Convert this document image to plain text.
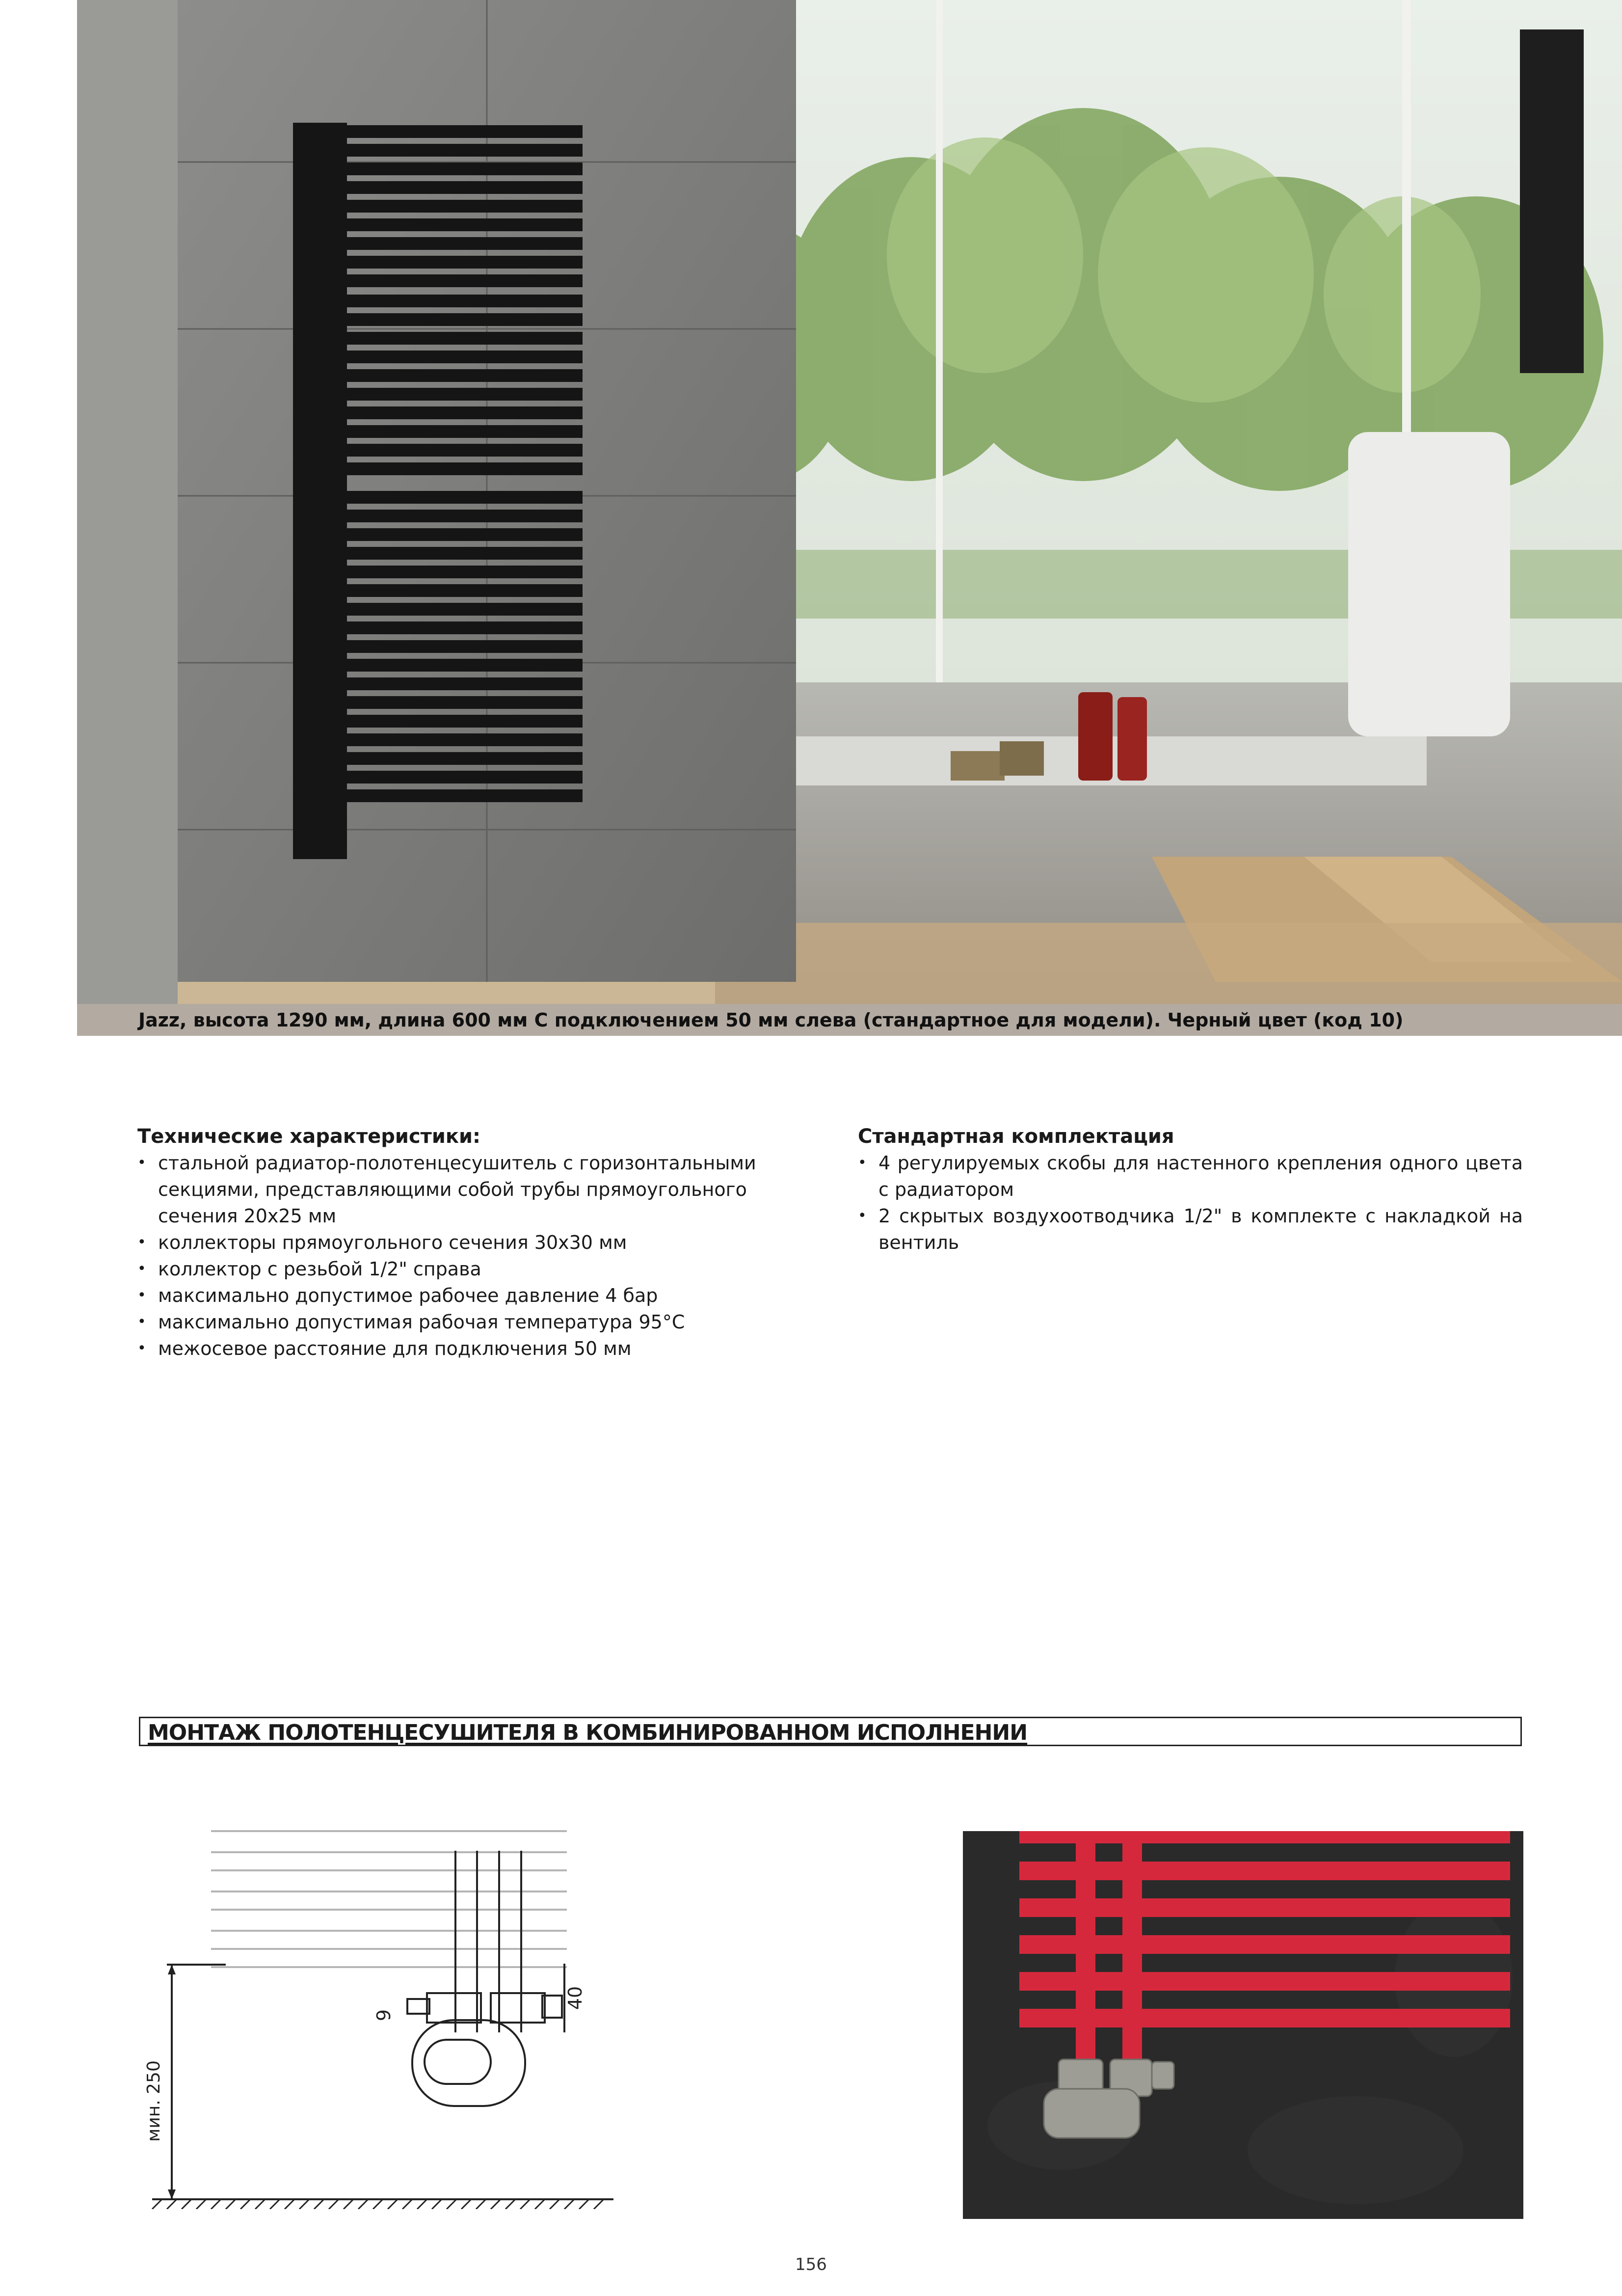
Jazz, высота 1290 мм, длина 600 мм С подключением 50 мм слева (стандартное для модели). Черный цвет (код 10)
Технические характеристики:
• стальной радиатор-полотенцесушитель с горизонтальными секциями, представляющими собой трубы прямоугольного сечения 20х25 мм
• коллекторы прямоугольного сечения 30х30 мм
• коллектор с резьбой 1/2" справа
• максимально допустимое рабочее давление 4 бар
• максимально допустимая рабочая температура 95°С
• межосевое расстояние для подключения 50 мм
Стандартная комплектация
• 4 регулируемых скобы для настенного крепления одного цвета с радиатором
• 2 скрытых воздухоотводчика 1/2" в комплекте с накладкой на вентиль
МОНТАЖ ПОЛОТЕНЦЕСУШИТЕЛЯ В КОМБИНИРОВАННОМ ИСПОЛНЕНИИ
мин. 250
40
9
156
